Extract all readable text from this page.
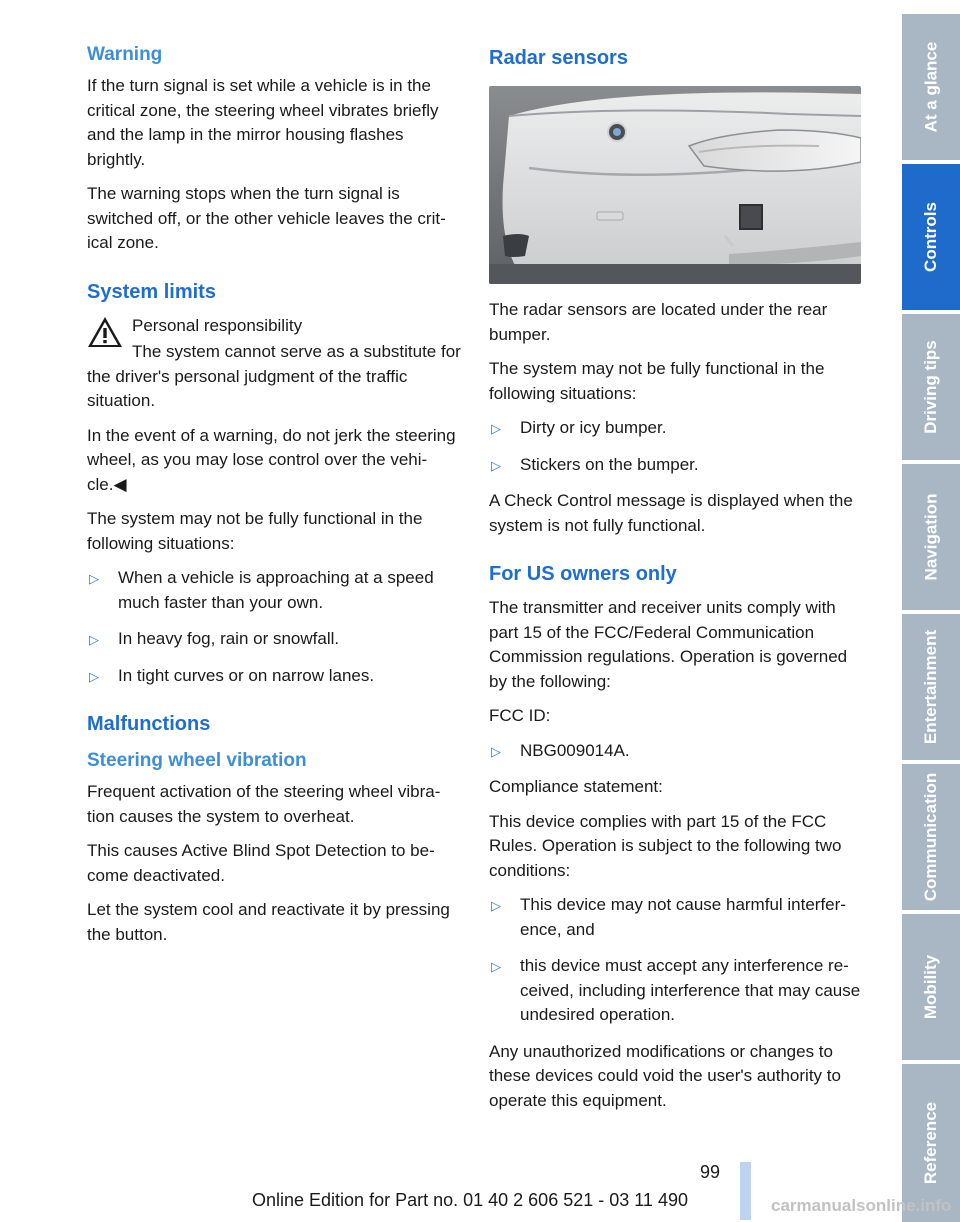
Warning

If the turn signal is set while a vehicle is in the critical zone, the steering wheel vibrates briefly and the lamp in the mirror housing flashes brightly.

The warning stops when the turn signal is switched off, or the other vehicle leaves the crit-ical zone.

System limits

Personal responsibility

The system cannot serve as a substitute for the driver's personal judgment of the traffic situation.

In the event of a warning, do not jerk the steering wheel, as you may lose control over the vehi-cle.◀

The system may not be fully functional in the following situations:

▷ When a vehicle is approaching at a speed much faster than your own.
▷ In heavy fog, rain or snowfall.
▷ In tight curves or on narrow lanes.
Malfunctions
Steering wheel vibration

Frequent activation of the steering wheel vibra-tion causes the system to overheat.

This causes Active Blind Spot Detection to be-come deactivated.

Let the system cool and reactivate it by pressing the button.

Radar sensors

The radar sensors are located under the rear bumper.

The system may not be fully functional in the following situations:

▷ Dirty or icy bumper.
▷ Stickers on the bumper.

A Check Control message is displayed when the system is not fully functional.

For US owners only

The transmitter and receiver units comply with part 15 of the FCC/Federal Communication Commission regulations. Operation is governed by the following:

FCC ID:

▷ NBG009014A.

Compliance statement:

This device complies with part 15 of the FCC Rules. Operation is subject to the following two conditions:

▷ This device may not cause harmful interfer-ence, and
▷ this device must accept any interference re-ceived, including interference that may cause undesired operation.

Any unauthorized modifications or changes to these devices could void the user's authority to operate this equipment.

At a glance
Controls
Driving tips
Navigation
Entertainment
Communication
Mobility
Reference
99
Online Edition for Part no. 01 40 2 606 521 - 03 11 490	carmanualsonline.info
